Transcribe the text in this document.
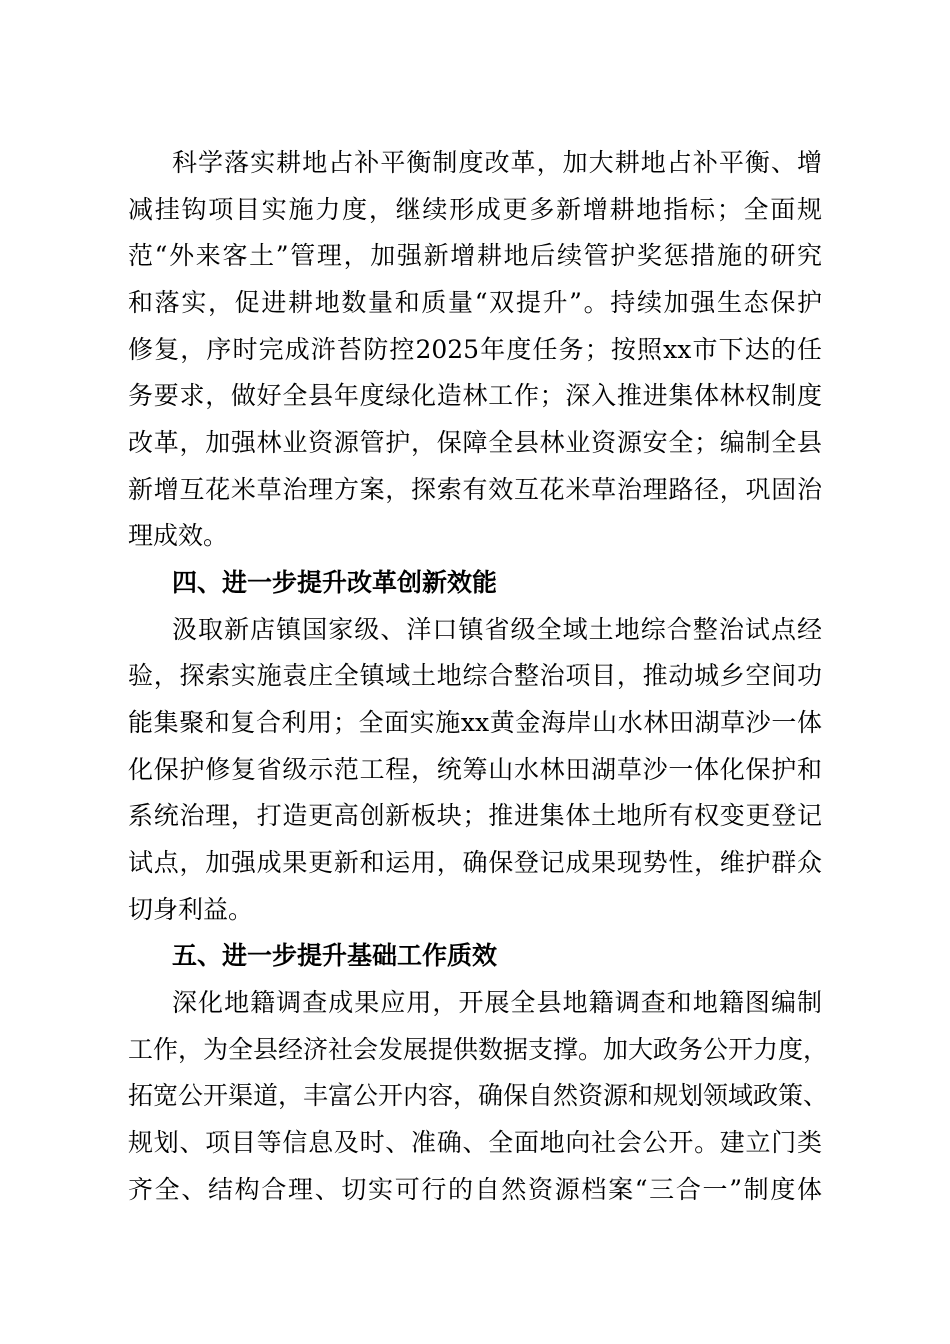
科学落实耕地占补平衡制度改革，加大耕地占补平衡、增
减挂钩项目实施力度，继续形成更多新增耕地指标；全面规
范“外来客土”管理，加强新增耕地后续管护奖惩措施的研究
和落实，促进耕地数量和质量“双提升”。持续加强生态保护
修复，序时完成浒苔防控2025年度任务；按照xx市下达的任
务要求，做好全县年度绿化造林工作；深入推进集体林权制度
改革，加强林业资源管护，保障全县林业资源安全；编制全县
新增互花米草治理方案，探索有效互花米草治理路径，巩固治
理成效。
四、进一步提升改革创新效能
汲取新店镇国家级、洋口镇省级全域土地综合整治试点经
验，探索实施袁庄全镇域土地综合整治项目，推动城乡空间功
能集聚和复合利用；全面实施xx黄金海岸山水林田湖草沙一体
化保护修复省级示范工程，统筹山水林田湖草沙一体化保护和
系统治理，打造更高创新板块；推进集体土地所有权变更登记
试点，加强成果更新和运用，确保登记成果现势性，维护群众
切身利益。
五、进一步提升基础工作质效
深化地籍调查成果应用，开展全县地籍调查和地籍图编制
工作，为全县经济社会发展提供数据支撑。加大政务公开力度，
拓宽公开渠道，丰富公开内容，确保自然资源和规划领域政策、
规划、项目等信息及时、准确、全面地向社会公开。建立门类
齐全、结构合理、切实可行的自然资源档案“三合一”制度体
